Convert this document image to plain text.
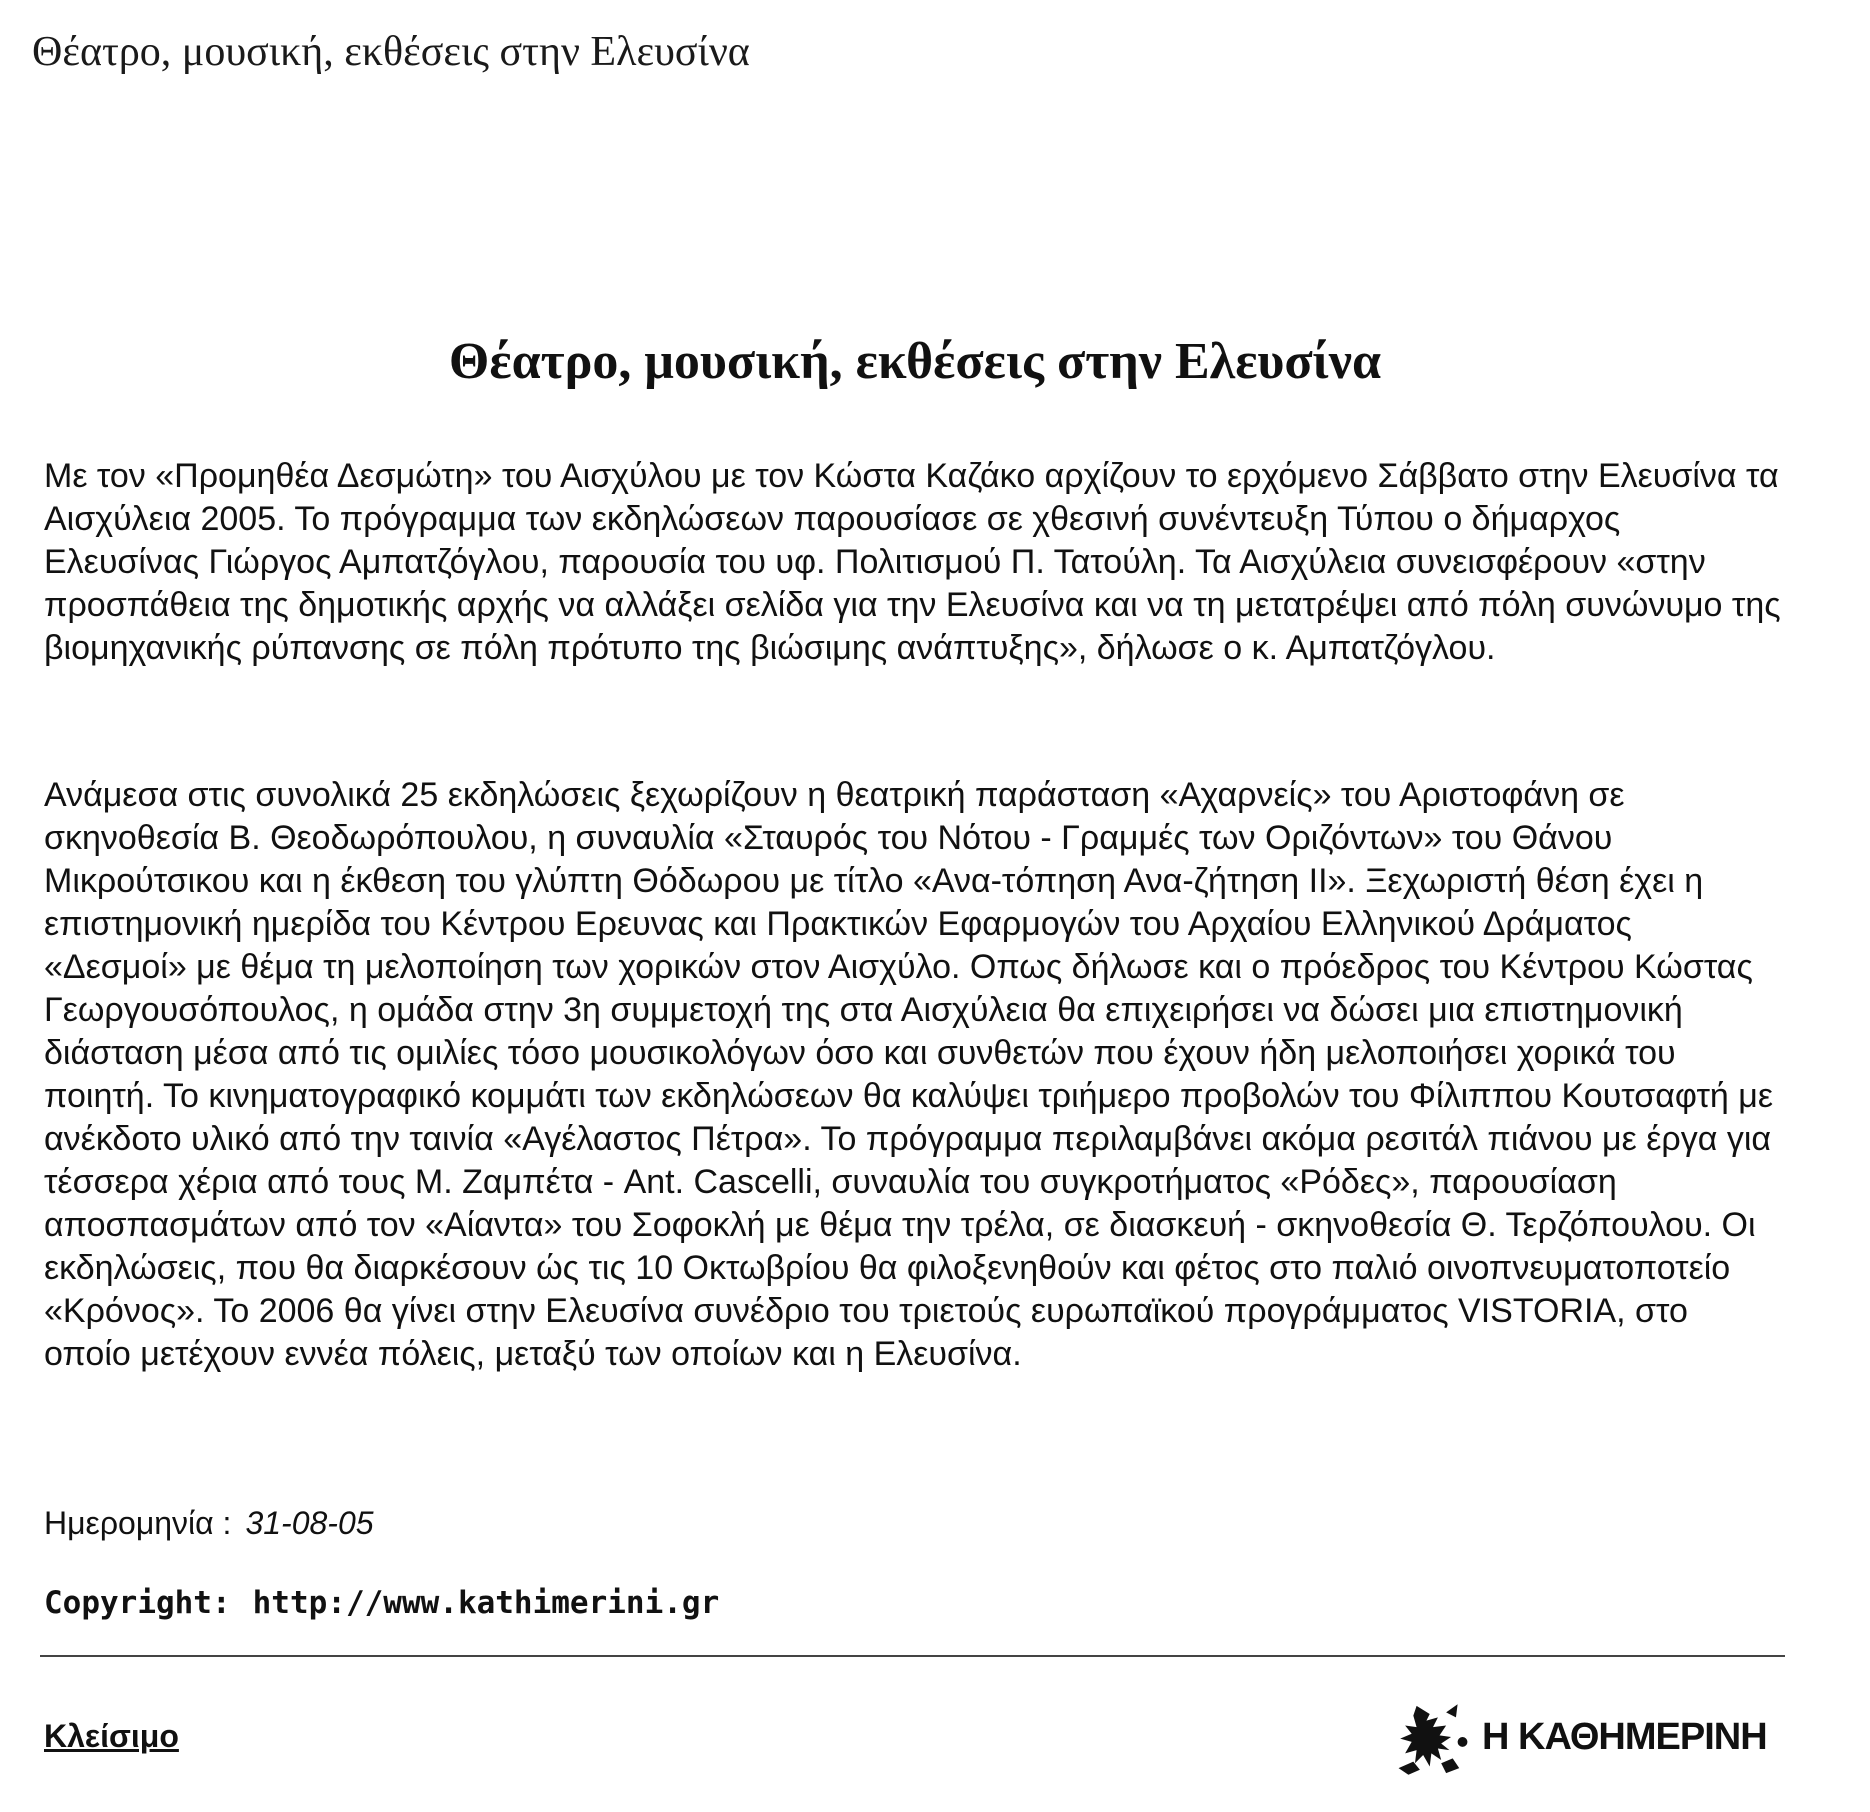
Θέατρο, μουσική, εκθέσεις στην Ελευσίνα
Θέατρο, μουσική, εκθέσεις στην Ελευσίνα
Με τον «Προμηθέα Δεσμώτη» του Αισχύλου με τον Κώστα Καζάκο αρχίζουν το ερχόμενο Σάββατο στην Ελευσίνα τα Αισχύλεια 2005. Το πρόγραμμα των εκδηλώσεων παρουσίασε σε χθεσινή συνέντευξη Τύπου ο δήμαρχος Ελευσίνας Γιώργος Αμπατζόγλου, παρουσία του υφ. Πολιτισμού Π. Τατούλη. Τα Αισχύλεια συνεισφέρουν «στην προσπάθεια της δημοτικής αρχής να αλλάξει σελίδα για την Ελευσίνα και να τη μετατρέψει από πόλη συνώνυμο της βιομηχανικής ρύπανσης σε πόλη πρότυπο της βιώσιμης ανάπτυξης», δήλωσε ο κ. Αμπατζόγλου.
Ανάμεσα στις συνολικά 25 εκδηλώσεις ξεχωρίζουν η θεατρική παράσταση «Αχαρνείς» του Αριστοφάνη σε σκηνοθεσία Β. Θεοδωρόπουλου, η συναυλία «Σταυρός του Νότου - Γραμμές των Οριζόντων» του Θάνου Μικρούτσικου και η έκθεση του γλύπτη Θόδωρου με τίτλο «Ανα-τόπηση Ανα-ζήτηση ΙΙ». Ξεχωριστή θέση έχει η επιστημονική ημερίδα του Κέντρου Ερευνας και Πρακτικών Εφαρμογών του Αρχαίου Ελληνικού Δράματος «Δεσμοί» με θέμα τη μελοποίηση των χορικών στον Αισχύλο. Οπως δήλωσε και ο πρόεδρος του Κέντρου Κώστας Γεωργουσόπουλος, η ομάδα στην 3η συμμετοχή της στα Αισχύλεια θα επιχειρήσει να δώσει μια επιστημονική διάσταση μέσα από τις ομιλίες τόσο μουσικολόγων όσο και συνθετών που έχουν ήδη μελοποιήσει χορικά του ποιητή. Το κινηματογραφικό κομμάτι των εκδηλώσεων θα καλύψει τριήμερο προβολών του Φίλιππου Κουτσαφτή με ανέκδοτο υλικό από την ταινία «Αγέλαστος Πέτρα». Το πρόγραμμα περιλαμβάνει ακόμα ρεσιτάλ πιάνου με έργα για τέσσερα χέρια από τους Μ. Ζαμπέτα - Ant. Cascelli, συναυλία του συγκροτήματος «Ρόδες», παρουσίαση αποσπασμάτων από τον «Αίαντα» του Σοφοκλή με θέμα την τρέλα, σε διασκευή - σκηνοθεσία Θ. Τερζόπουλου. Οι εκδηλώσεις, που θα διαρκέσουν ώς τις 10 Οκτωβρίου θα φιλοξενηθούν και φέτος στο παλιό οινοπνευματοποτείο «Κρόνος». Το 2006 θα γίνει στην Ελευσίνα συνέδριο του τριετούς ευρωπαϊκού προγράμματος VISTORIA, στο οποίο μετέχουν εννέα πόλεις, μεταξύ των οποίων και η Ελευσίνα.
Ημερομηνία : 31-08-05
Copyright: http://www.kathimerini.gr
Κλείσιμο	Η ΚΑΘΗΜΕΡΙΝΗ
